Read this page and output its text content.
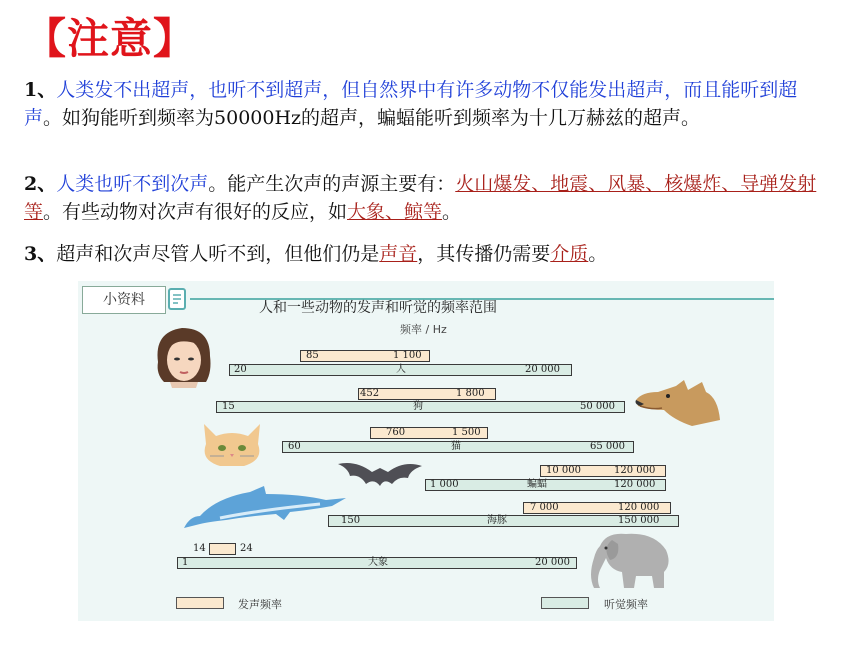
【注意】
1、人类发不出超声，也听不到超声，但自然界中有许多动物不仅能发出超声，而且能听到超声。如狗能听到频率为50000Hz的超声，蝙蝠能听到频率为十几万赫兹的超声。
2、人类也听不到次声。能产生次声的声源主要有：火山爆发、地震、风暴、核爆炸、导弹发射等。有些动物对次声有很好的反应，如大象、鲸等。
3、超声和次声尽管人听不到，但他们仍是声音，其传播仍需要介质。
小资料	人和一些动物的发声和听觉的频率范围
频率 / Hz
85	1 100
20	人	20 000
452	1 800
15	狗	50 000
760	1 500
60	猫	65 000
10 000	120 000
1 000	蝙蝠	120 000
7 000	120 000
150	海豚	150 000
14	24
1	大象	20 000
发声频率	听觉频率
